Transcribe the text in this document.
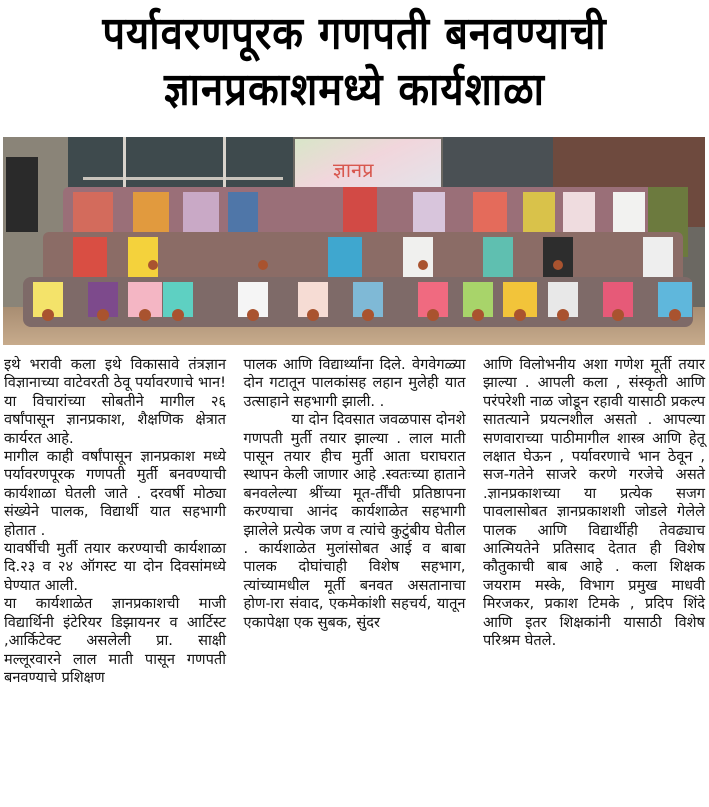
पर्यावरणपूरक गणपती बनवण्याची
ज्ञानप्रकाशमध्ये कार्यशाळा
ज्ञानप्र

इथे भरावी कला इथे विकासावे तंत्रज्ञान विज्ञानाच्या वाटेवरती ठेवू पर्यावरणाचे भान! या विचारांच्या सोबतीने मागील २६ वर्षांपासून ज्ञानप्रकाश, शैक्षणिक क्षेत्रात कार्यरत आहे.

मागील काही वर्षांपासून ज्ञानप्रकाश मध्ये पर्यावरणपूरक गणपती मुर्ती बनवण्याची कार्यशाळा घेतली जाते . दरवर्षी मोठ्या संख्येने पालक, विद्यार्थी यात सहभागी होतात .

यावर्षीची मुर्ती तयार करण्याची कार्यशाळा दि.२३ व २४ ऑगस्ट या दोन दिवसांमध्ये घेण्यात आली.

या कार्यशाळेत ज्ञानप्रकाशची माजी विद्यार्थिनी इंटेरियर डिझायनर व आर्टिस्ट ,आर्किटेक्ट असलेली प्रा. साक्षी मल्लूरवारने लाल माती पासून गणपती बनवण्याचे प्रशिक्षण

पालक आणि विद्यार्थ्यांना दिले. वेगवेगळ्या दोन गटातून पालकांसह लहान मुलेही यात उत्साहाने सहभागी झाली. .

या दोन दिवसात जवळपास दोनशे गणपती मुर्ती तयार झाल्या . लाल माती पासून तयार हीच मुर्ती आता घराघरात स्थापन केली जाणार आहे .स्वतःच्या हाताने बनवलेल्या श्रींच्या मूत-र्तींची प्रतिष्ठापना करण्याचा आनंद कार्यशाळेत सहभागी झालेले प्रत्येक जण व त्यांचे कुटुंबीय घेतील . कार्यशाळेत मुलांसोबत आई व बाबा पालक दोघांचाही विशेष सहभाग, त्यांच्यामधील मूर्ती बनवत असतानाचा होण-ारा संवाद, एकमेकांशी सहचर्य, यातून एकापेक्षा एक सुबक, सुंदर

आणि विलोभनीय अशा गणेश मूर्ती तयार झाल्या . आपली कला , संस्कृती आणि परंपरेशी नाळ जोडून रहावी यासाठी प्रकल्प सातत्याने प्रयत्नशील असतो . आपल्या सणवाराच्या पाठीमागील शास्त्र आणि हेतू लक्षात घेऊन , पर्यावरणाचे भान ठेवून , सज-गतेने साजरे करणे गरजेचे असते .ज्ञानप्रकाशच्या या प्रत्येक सजग पावलासोबत ज्ञानप्रकाशशी जोडले गेलेले पालक आणि विद्यार्थीही तेवढ्याच आत्मियतेने प्रतिसाद देतात ही विशेष कौतुकाची बाब आहे . कला शिक्षक जयराम मस्के, विभाग प्रमुख माधवी मिरजकर, प्रकाश टिमके , प्रदिप शिंदे आणि इतर शिक्षकांनी यासाठी विशेष परिश्रम घेतले.
